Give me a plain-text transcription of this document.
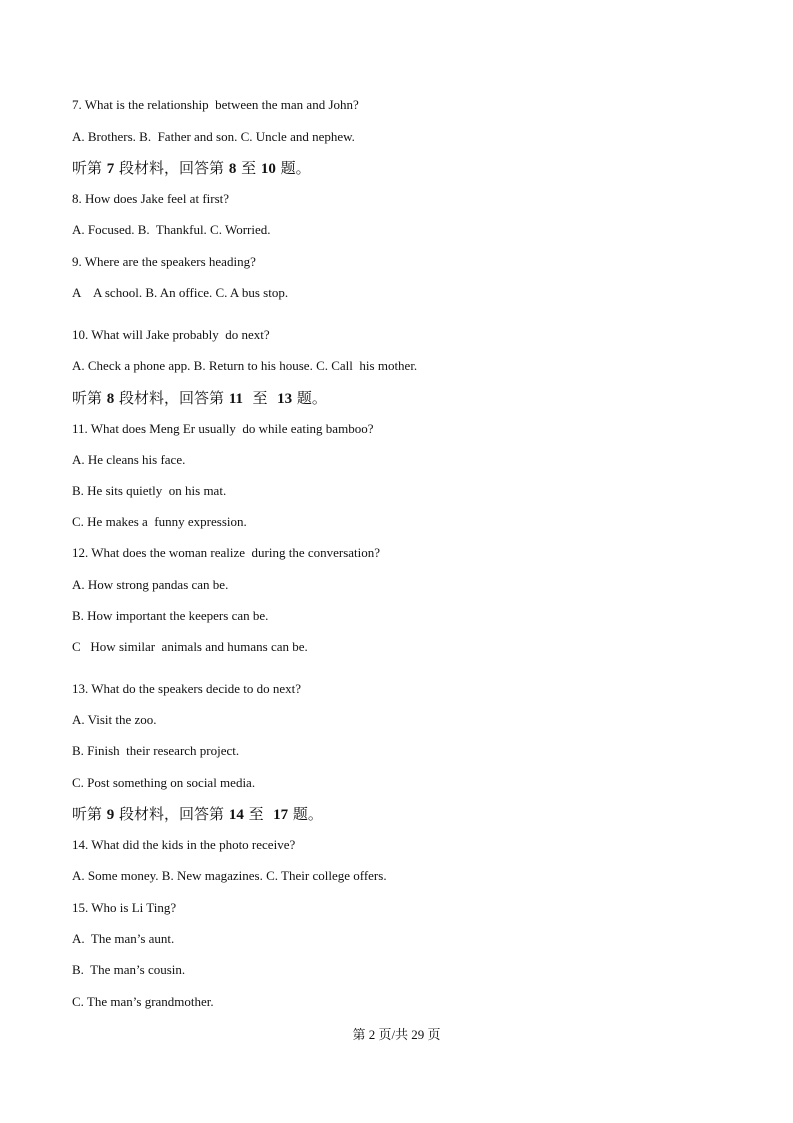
7. What is the relationship  between the man and John?
A. Brothers. B.  Father and son. C. Uncle and nephew.
听第 7 段材料，回答第 8 至 10 题。
8. How does Jake feel at first?
A. Focused. B.  Thankful. C. Worried.
9. Where are the speakers heading?
A    A school. B. An office. C. A bus stop.
10. What will Jake probably  do next?
A. Check a phone app. B. Return to his house. C. Call  his mother.
听第 8 段材料，回答第 11  至  13 题。
11. What does Meng Er usually  do while eating bamboo?
A. He cleans his face.
B. He sits quietly  on his mat.
C. He makes a  funny expression.
12. What does the woman realize  during the conversation?
A. How strong pandas can be.
B. How important the keepers can be.
C   How similar  animals and humans can be.
13. What do the speakers decide to do next?
A. Visit the zoo.
B. Finish  their research project.
C. Post something on social media.
听第 9 段材料，回答第 14 至  17 题。
14. What did the kids in the photo receive?
A. Some money. B. New magazines. C. Their college offers.
15. Who is Li Ting?
A.  The man’s aunt.
B.  The man’s cousin.
C. The man’s grandmother.
第 2 页/共 29 页
